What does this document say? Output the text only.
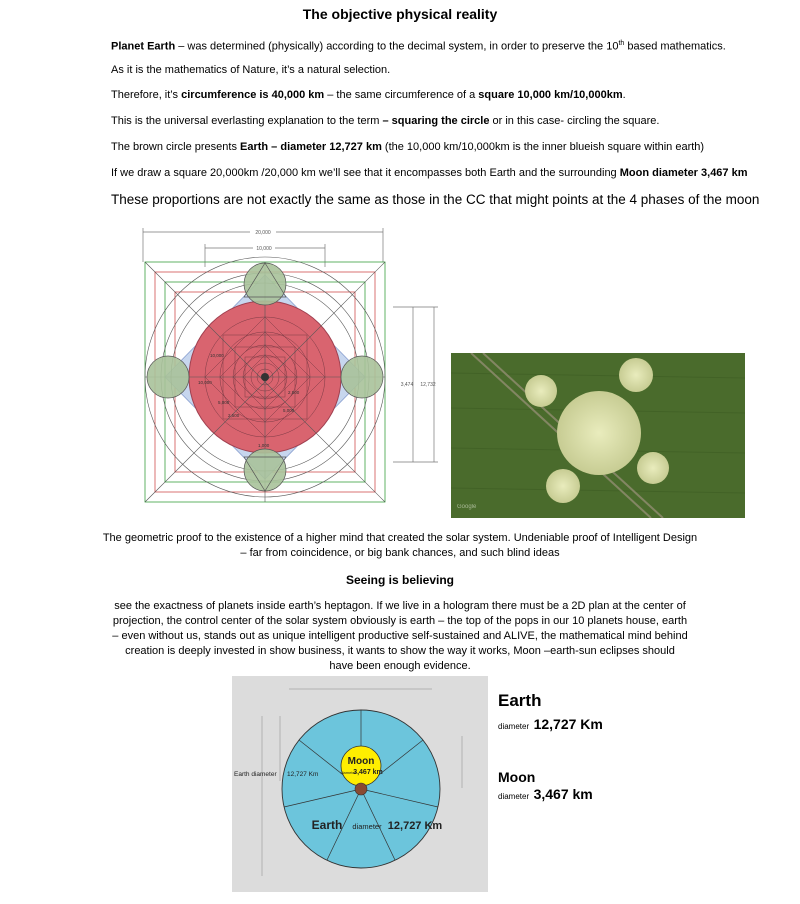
The objective physical reality
Planet Earth – was determined (physically) according to the decimal system, in order to preserve the 10th based mathematics.
As it is the mathematics of Nature, it’s a natural selection.
Therefore, it’s circumference is 40,000 km – the same circumference of a square 10,000 km/10,000km.
This is the universal everlasting explanation to the term – squaring the circle or in this case- circling the square.
The brown circle presents Earth – diameter 12,727 km (the 10,000 km/10,000km is the inner blueish square within earth)
If we draw a square 20,000km /20,000 km we’ll see that it encompasses both Earth and the surrounding Moon diameter 3,467 km
These proportions are not exactly the same as those in the CC that might points at the 4 phases of the moon
20,000
10,000
3,474 12,732
10,000
10,000
5,000
5,000
2,500
2,500
1,000
Google
The geometric proof to the existence of a higher mind that created the solar system. Undeniable proof of Intelligent Design – far from coincidence, or big bank chances, and such blind ideas
Seeing is believing
see the exactness of planets inside earth’s heptagon. If we live in a hologram there must be a 2D plan at the center of projection, the control center of the solar system obviously is earth – the top of the pops in our 10 planets house, earth – even without us, stands out as unique intelligent productive self-sustained and ALIVE, the mathematical mind behind creation is deeply invested in show business, it wants to show the way it works, Moon –earth-sun eclipses should have been enough evidence.
Moon
diameter
3,467 km
Earth diameter 12,727 Km
Earth diameter 12,727 Km
Earth
diameter 12,727 Km
Moon
diameter 3,467 km
